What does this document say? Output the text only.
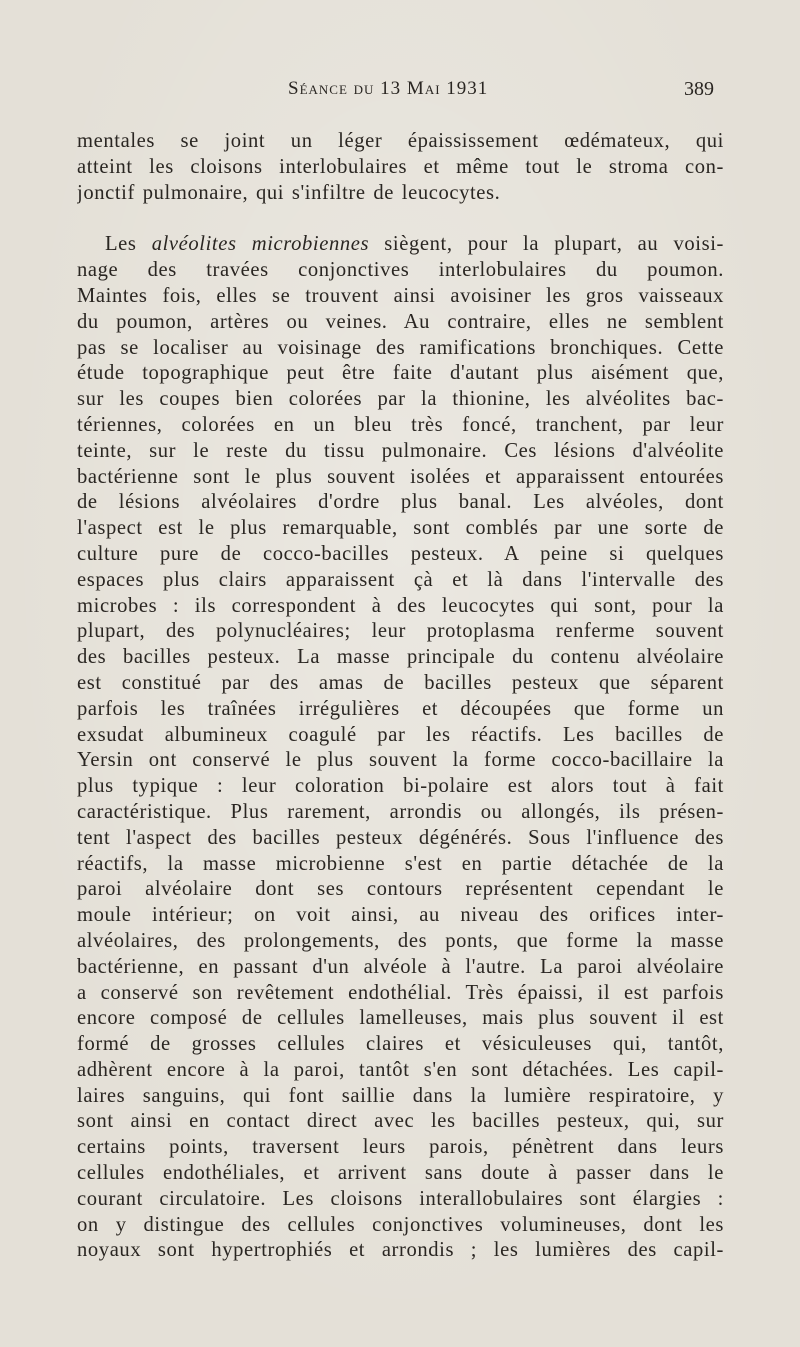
Séance du 13 Mai 1931	389
mentales se joint un léger épaississement œdémateux, qui
atteint les cloisons interlobulaires et même tout le stroma con-
jonctif pulmonaire, qui s'infiltre de leucocytes.
Les alvéolites microbiennes siègent, pour la plupart, au voisi-
nage des travées conjonctives interlobulaires du poumon.
Maintes fois, elles se trouvent ainsi avoisiner les gros vaisseaux
du poumon, artères ou veines. Au contraire, elles ne semblent
pas se localiser au voisinage des ramifications bronchiques. Cette
étude topographique peut être faite d'autant plus aisément que,
sur les coupes bien colorées par la thionine, les alvéolites bac-
tériennes, colorées en un bleu très foncé, tranchent, par leur
teinte, sur le reste du tissu pulmonaire. Ces lésions d'alvéolite
bactérienne sont le plus souvent isolées et apparaissent entourées
de lésions alvéolaires d'ordre plus banal. Les alvéoles, dont
l'aspect est le plus remarquable, sont comblés par une sorte de
culture pure de cocco-bacilles pesteux. A peine si quelques
espaces plus clairs apparaissent çà et là dans l'intervalle des
microbes : ils correspondent à des leucocytes qui sont, pour la
plupart, des polynucléaires; leur protoplasma renferme souvent
des bacilles pesteux. La masse principale du contenu alvéolaire
est constitué par des amas de bacilles pesteux que séparent
parfois les traînées irrégulières et découpées que forme un
exsudat albumineux coagulé par les réactifs. Les bacilles de
Yersin ont conservé le plus souvent la forme cocco-bacillaire la
plus typique : leur coloration bi-polaire est alors tout à fait
caractéristique. Plus rarement, arrondis ou allongés, ils présen-
tent l'aspect des bacilles pesteux dégénérés. Sous l'influence des
réactifs, la masse microbienne s'est en partie détachée de la
paroi alvéolaire dont ses contours représentent cependant le
moule intérieur; on voit ainsi, au niveau des orifices inter-
alvéolaires, des prolongements, des ponts, que forme la masse
bactérienne, en passant d'un alvéole à l'autre. La paroi alvéolaire
a conservé son revêtement endothélial. Très épaissi, il est parfois
encore composé de cellules lamelleuses, mais plus souvent il est
formé de grosses cellules claires et vésiculeuses qui, tantôt,
adhèrent encore à la paroi, tantôt s'en sont détachées. Les capil-
laires sanguins, qui font saillie dans la lumière respiratoire, y
sont ainsi en contact direct avec les bacilles pesteux, qui, sur
certains points, traversent leurs parois, pénètrent dans leurs
cellules endothéliales, et arrivent sans doute à passer dans le
courant circulatoire. Les cloisons interallobulaires sont élargies :
on y distingue des cellules conjonctives volumineuses, dont les
noyaux sont hypertrophiés et arrondis ; les lumières des capil-
